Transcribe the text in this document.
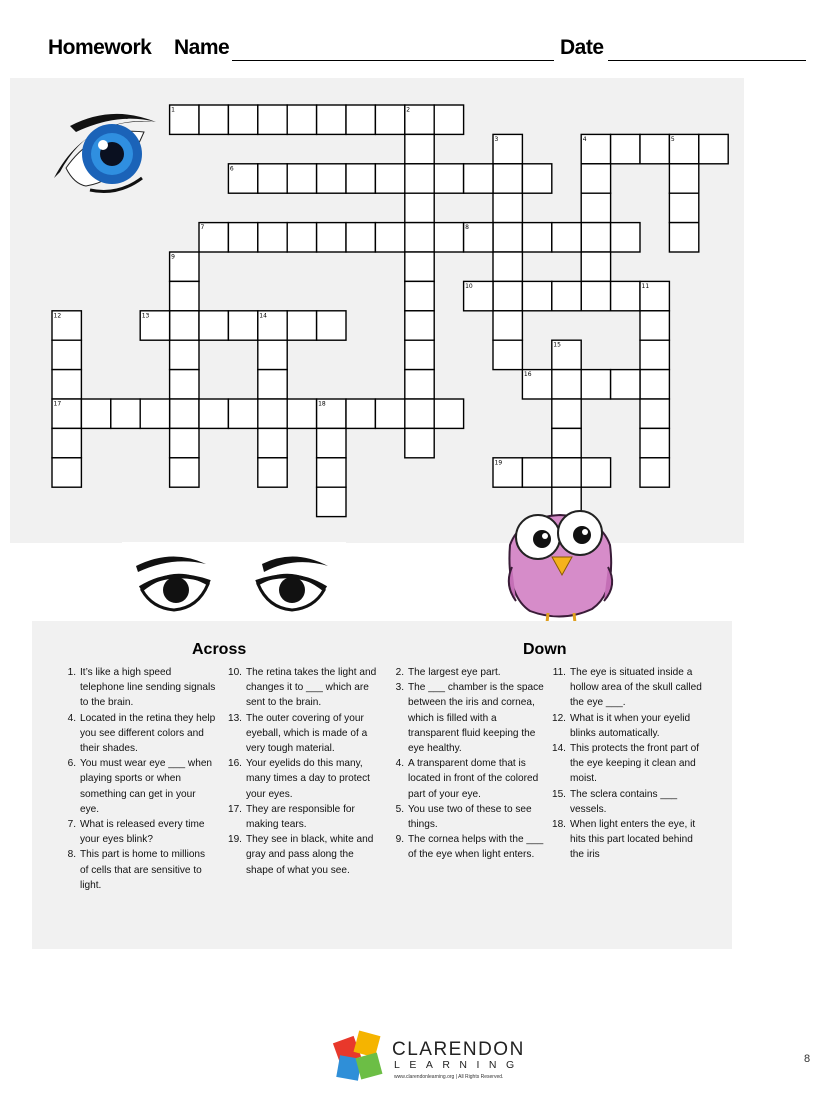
Homework Name	Date
1	2
3	4	5
6
7	8
9
10	11
12	13	14
15
16
17	18
19
Across	Down
1. It’s like a high speed telephone line sending signals to the brain.
4. Located in the retina they help you see different colors and their shades.
6. You must wear eye ___ when playing sports or when something can get in your eye.
7. What is released every time your eyes blink?
8. This part is home to millions of cells that are sensitive to light.
10. The retina takes the light and changes it to ___ which are sent to the brain.
13. The outer covering of your eyeball, which is made of a very tough material.
16. Your eyelids do this many, many times a day to protect your eyes.
17. They are responsible for making tears.
19. They see in black, white and gray and pass along the shape of what you see.
2. The largest eye part.
3. The ___ chamber is the space between the iris and cornea, which is filled with a transparent fluid keeping the eye healthy.
4. A transparent dome that is located in front of the colored part of your eye.
5. You use two of these to see things.
9. The cornea helps with the ___ of the eye when light enters.
11. The eye is situated inside a hollow area of the skull called the eye ___.
12. What is it when your eyelid blinks automatically.
14. This protects the front part of the eye keeping it clean and moist.
15. The sclera contains ___ vessels.
18. When light enters the eye, it hits this part located behind the iris
CLARENDON
LEARNING
www.clarendonlearning.org | All Rights Reserved.
8
